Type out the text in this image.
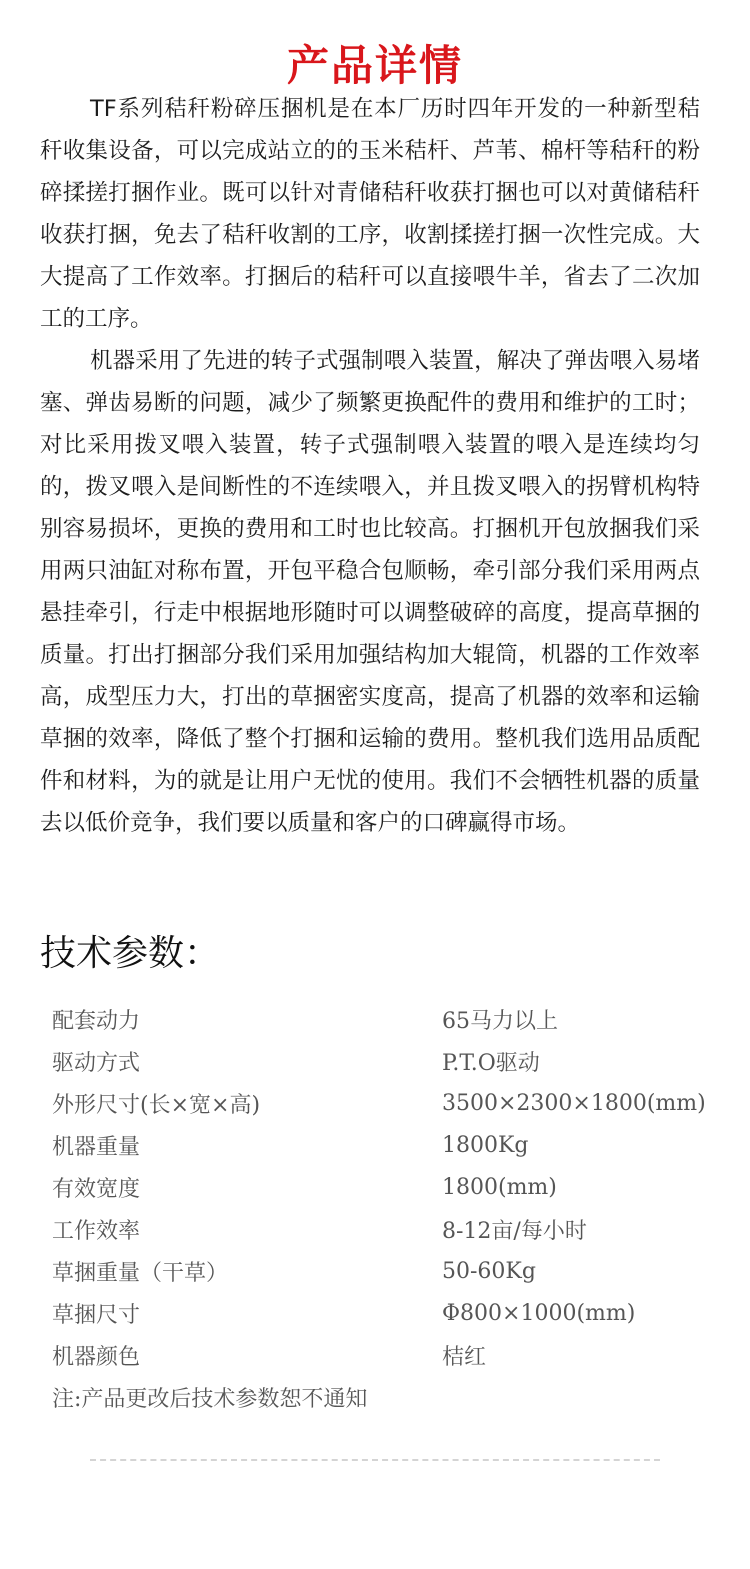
产品详情

TF系列秸秆粉碎压捆机是在本厂历时四年开发的一种新型秸秆收集设备，可以完成站立的的玉米秸杆、芦苇、棉杆等秸秆的粉碎揉搓打捆作业。既可以针对青储秸秆收获打捆也可以对黄储秸秆收获打捆，免去了秸秆收割的工序，收割揉搓打捆一次性完成。大大提高了工作效率。打捆后的秸秆可以直接喂牛羊，省去了二次加工的工序。

机器采用了先进的转子式强制喂入装置，解决了弹齿喂入易堵塞、弹齿易断的问题，减少了频繁更换配件的费用和维护的工时；对比采用拨叉喂入装置，转子式强制喂入装置的喂入是连续均匀的，拨叉喂入是间断性的不连续喂入，并且拨叉喂入的拐臂机构特别容易损坏，更换的费用和工时也比较高。打捆机开包放捆我们采用两只油缸对称布置，开包平稳合包顺畅，牵引部分我们采用两点悬挂牵引，行走中根据地形随时可以调整破碎的高度，提高草捆的质量。打出打捆部分我们采用加强结构加大辊筒，机器的工作效率高，成型压力大，打出的草捆密实度高，提高了机器的效率和运输草捆的效率，降低了整个打捆和运输的费用。整机我们选用品质配件和材料，为的就是让用户无忧的使用。我们不会牺牲机器的质量去以低价竞争，我们要以质量和客户的口碑赢得市场。

技术参数：
配套动力	65马力以上
驱动方式	P.T.O驱动
外形尺寸(长×宽×高)	3500×2300×1800(mm)
机器重量	1800Kg
有效宽度	1800(mm)
工作效率	8-12亩/每小时
草捆重量（干草）	50-60Kg
草捆尺寸	Φ800×1000(mm)
机器颜色	桔红
注:产品更改后技术参数恕不通知
